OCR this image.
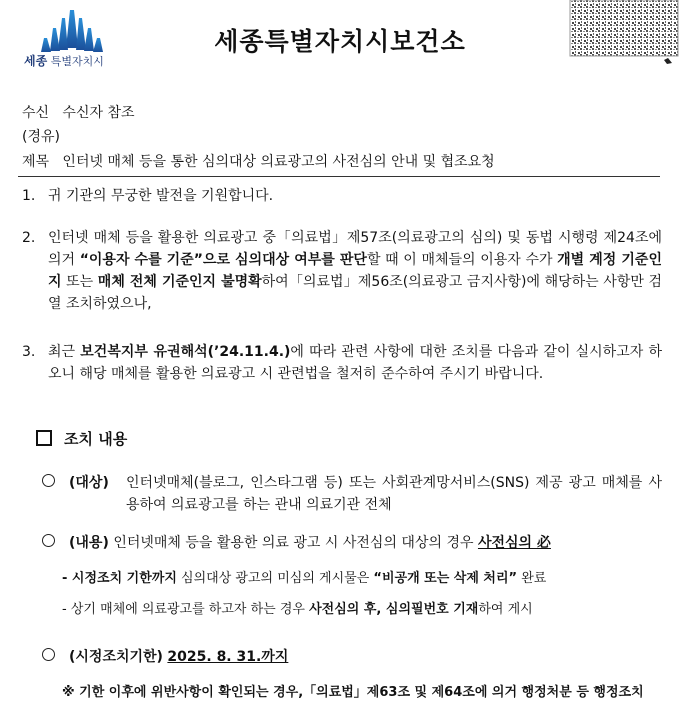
세종 특별자치시
세종특별자치시보건소
수신 수신자 참조
(경유)
제목 인터넷 매체 등을 통한 심의대상 의료광고의 사전심의 안내 및 협조요청
1. 귀 기관의 무궁한 발전을 기원합니다.
2. 인터넷 매체 등을 활용한 의료광고 중「의료법」제57조(의료광고의 심의) 및 동법 시행령 제24조에 의거 “이용자 수를 기준”으로 심의대상 여부를 판단할 때 이 매체들의 이용자 수가 개별 계정 기준인지 또는 매체 전체 기준인지 불명확하여「의료법」제56조(의료광고 금지사항)에 해당하는 사항만 검열 조치하였으나,
3. 최근 보건복지부 유권해석(’24.11.4.)에 따라 관련 사항에 대한 조치를 다음과 같이 실시하고자 하오니 해당 매체를 활용한 의료광고 시 관련법을 철저히 준수하여 주시기 바랍니다.
조치 내용
(대상)	인터넷매체(블로그, 인스타그램 등) 또는 사회관계망서비스(SNS) 제공 광고 매체를 사용하여 의료광고를 하는 관내 의료기관 전체
(내용) 인터넷매체 등을 활용한 의료 광고 시 사전심의 대상의 경우 사전심의 必
- 시정조치 기한까지 심의대상 광고의 미심의 게시물은 “비공개 또는 삭제 처리” 완료
- 상기 매체에 의료광고를 하고자 하는 경우 사전심의 후, 심의필번호 기재하여 게시
(시정조치기한) 2025. 8. 31.까지
※ 기한 이후에 위반사항이 확인되는 경우,「의료법」제63조 및 제64조에 의거 행정처분 등 행정조치
